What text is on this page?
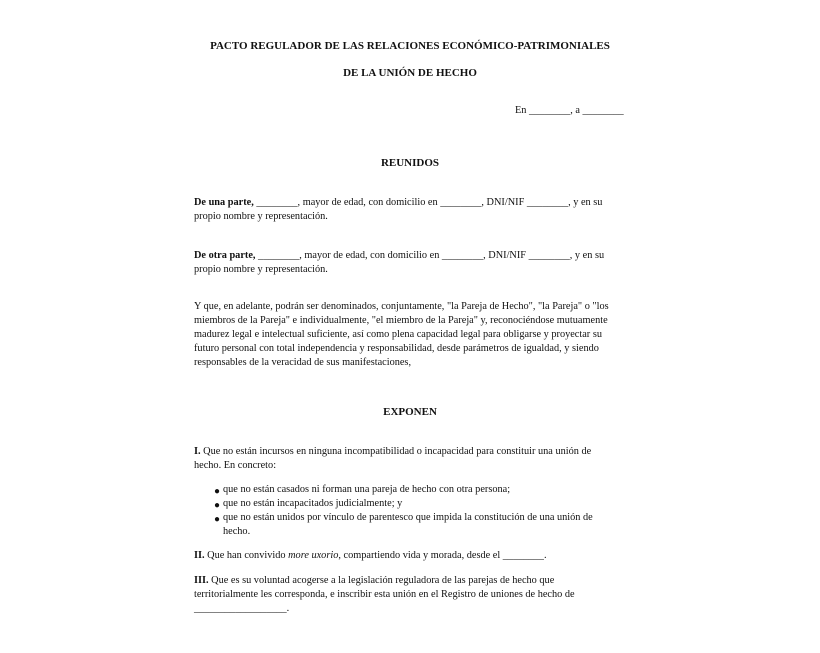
PACTO REGULADOR DE LAS RELACIONES ECONÓMICO-PATRIMONIALES
DE LA UNIÓN DE HECHO
En ________, a ________
REUNIDOS
De una parte, ________, mayor de edad, con domicilio en ________, DNI/NIF ________, y en su
propio nombre y representación.
De otra parte, ________, mayor de edad, con domicilio en ________, DNI/NIF ________, y en su
propio nombre y representación.
Y que, en adelante, podrán ser denominados, conjuntamente, "la Pareja de Hecho", "la Pareja" o "los
miembros de la Pareja" e individualmente, "el miembro de la Pareja" y, reconociéndose mutuamente
madurez legal e intelectual suficiente, así como plena capacidad legal para obligarse y proyectar su
futuro personal con total independencia y responsabilidad, desde parámetros de igualdad, y siendo
responsables de la veracidad de sus manifestaciones,
EXPONEN
I. Que no están incursos en ninguna incompatibilidad o incapacidad para constituir una unión de
hecho. En concreto:
● que no están casados ni forman una pareja de hecho con otra persona;
● que no están incapacitados judicialmente; y
● que no están unidos por vínculo de parentesco que impida la constitución de una unión de
hecho.
II. Que han convivido more uxorio, compartiendo vida y morada, desde el ________.
III. Que es su voluntad acogerse a la legislación reguladora de las parejas de hecho que
territorialmente les corresponda, e inscribir esta unión en el Registro de uniones de hecho de
__________________.
